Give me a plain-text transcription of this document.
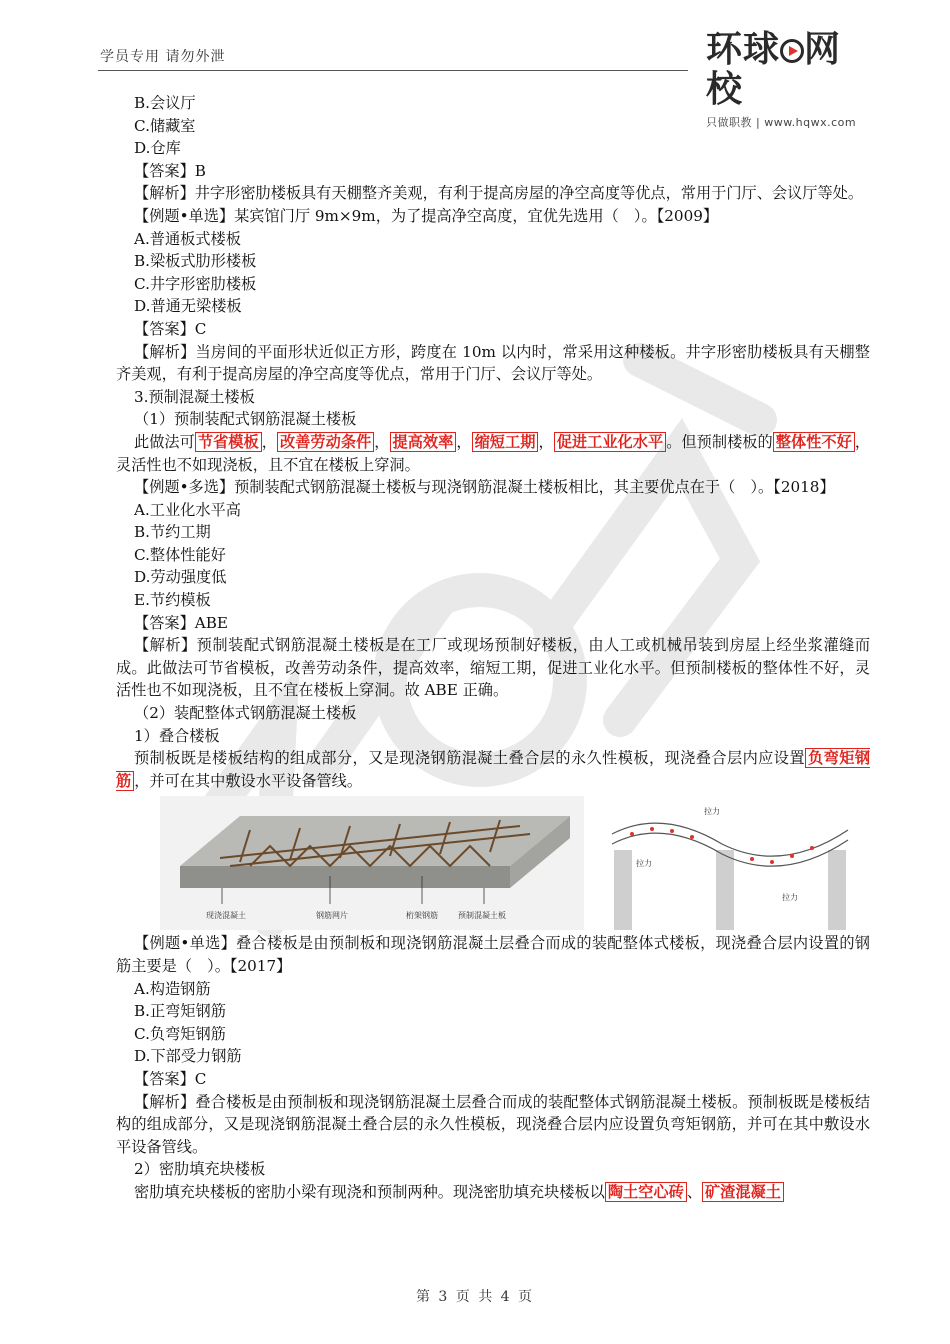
学员专用 请勿外泄	环球 网校
只做职教 | www.hqwx.com
B.会议厅
C.储藏室
D.仓库
【答案】B
【解析】井字形密肋楼板具有天棚整齐美观，有利于提高房屋的净空高度等优点，常用于门厅、会议厅等处。
【例题•单选】某宾馆门厅 9m×9m，为了提高净空高度，宜优先选用（　）。【2009】
A.普通板式楼板
B.梁板式肋形楼板
C.井字形密肋楼板
D.普通无梁楼板
【答案】C
【解析】当房间的平面形状近似正方形，跨度在 10m 以内时，常采用这种楼板。井字形密肋楼板具有天棚整齐美观，有利于提高房屋的净空高度等优点，常用于门厅、会议厅等处。
3.预制混凝土楼板
（1）预制装配式钢筋混凝土楼板
此做法可 节省模板 ， 改善劳动条件 ， 提高效率 ， 缩短工期 ， 促进工业化水平 。但预制楼板的 整体性不好 ，灵活性也不如现浇板，且不宜在楼板上穿洞。
【例题•多选】预制装配式钢筋混凝土楼板与现浇钢筋混凝土楼板相比，其主要优点在于（　）。【2018】
A.工业化水平高
B.节约工期
C.整体性能好
D.劳动强度低
E.节约模板
【答案】ABE
【解析】预制装配式钢筋混凝土楼板是在工厂或现场预制好楼板，由人工或机械吊装到房屋上经坐浆灌缝而成。此做法可节省模板，改善劳动条件，提高效率，缩短工期，促进工业化水平。但预制楼板的整体性不好，灵活性也不如现浇板，且不宜在楼板上穿洞。故 ABE 正确。
（2）装配整体式钢筋混凝土楼板
1）叠合楼板
预制板既是楼板结构的组成部分，又是现浇钢筋混凝土叠合层的永久性模板，现浇叠合层内应设置 负弯矩钢筋 ，并可在其中敷设水平设备管线。
现浇混凝土	钢筋网片	桁架钢筋	预制混凝土板
拉力
拉力
拉力
【例题•单选】叠合楼板是由预制板和现浇钢筋混凝土层叠合而成的装配整体式楼板，现浇叠合层内设置的钢筋主要是（　）。【2017】
A.构造钢筋
B.正弯矩钢筋
C.负弯矩钢筋
D.下部受力钢筋
【答案】C
【解析】叠合楼板是由预制板和现浇钢筋混凝土层叠合而成的装配整体式钢筋混凝土楼板。预制板既是楼板结构的组成部分，又是现浇钢筋混凝土叠合层的永久性模板，现浇叠合层内应设置负弯矩钢筋，并可在其中敷设水平设备管线。
2）密肋填充块楼板
密肋填充块楼板的密肋小梁有现浇和预制两种。现浇密肋填充块楼板以 陶土空心砖 、 矿渣混凝土
第 3 页 共 4 页
